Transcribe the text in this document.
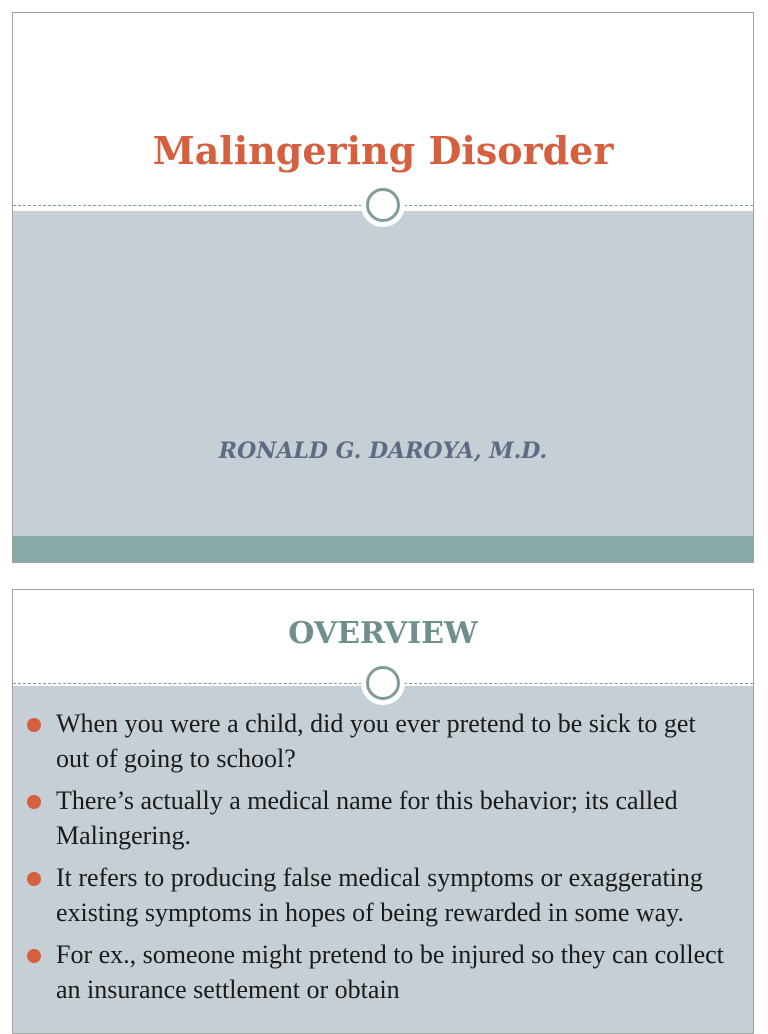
Malingering Disorder

RONALD G. DAROYA, M.D.

OVERVIEW
When you were a child, did you ever pretend to be sick to get out of going to school?
There’s actually a medical name for this behavior; its called Malingering.
It refers to producing false medical symptoms or exaggerating existing symptoms in hopes of being rewarded in some way.
For ex., someone might pretend to be injured so they can collect an insurance settlement or obtain
